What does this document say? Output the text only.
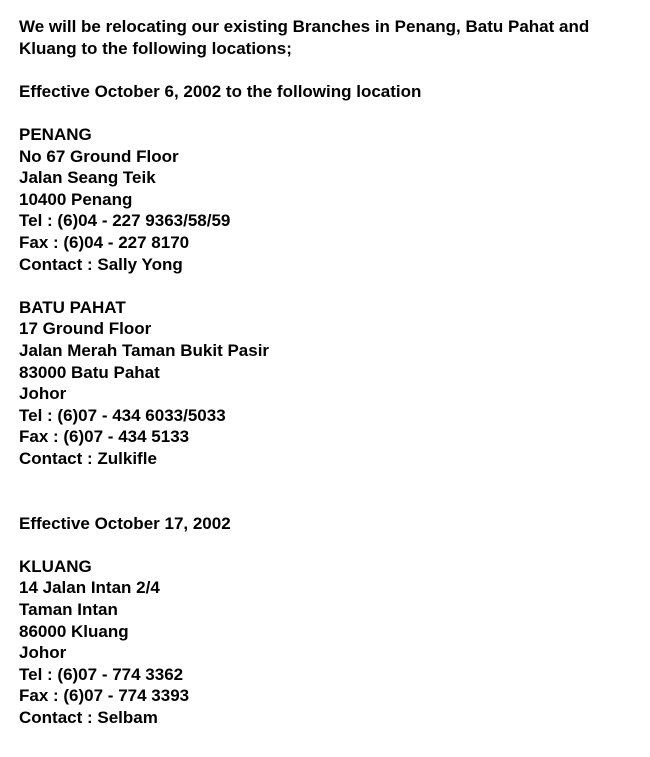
We will be relocating our existing Branches in Penang, Batu Pahat and
Kluang to the following locations;
Effective October 6, 2002 to the following location
PENANG
No 67 Ground Floor
Jalan Seang Teik
10400 Penang
Tel : (6)04 - 227 9363/58/59
Fax : (6)04 - 227 8170
Contact : Sally Yong
BATU PAHAT
17 Ground Floor
Jalan Merah Taman Bukit Pasir
83000 Batu Pahat
Johor
Tel : (6)07 - 434 6033/5033
Fax : (6)07 - 434 5133
Contact : Zulkifle
Effective October 17, 2002
KLUANG
14 Jalan Intan 2/4
Taman Intan
86000 Kluang
Johor
Tel : (6)07 - 774 3362
Fax : (6)07 - 774 3393
Contact : Selbam
